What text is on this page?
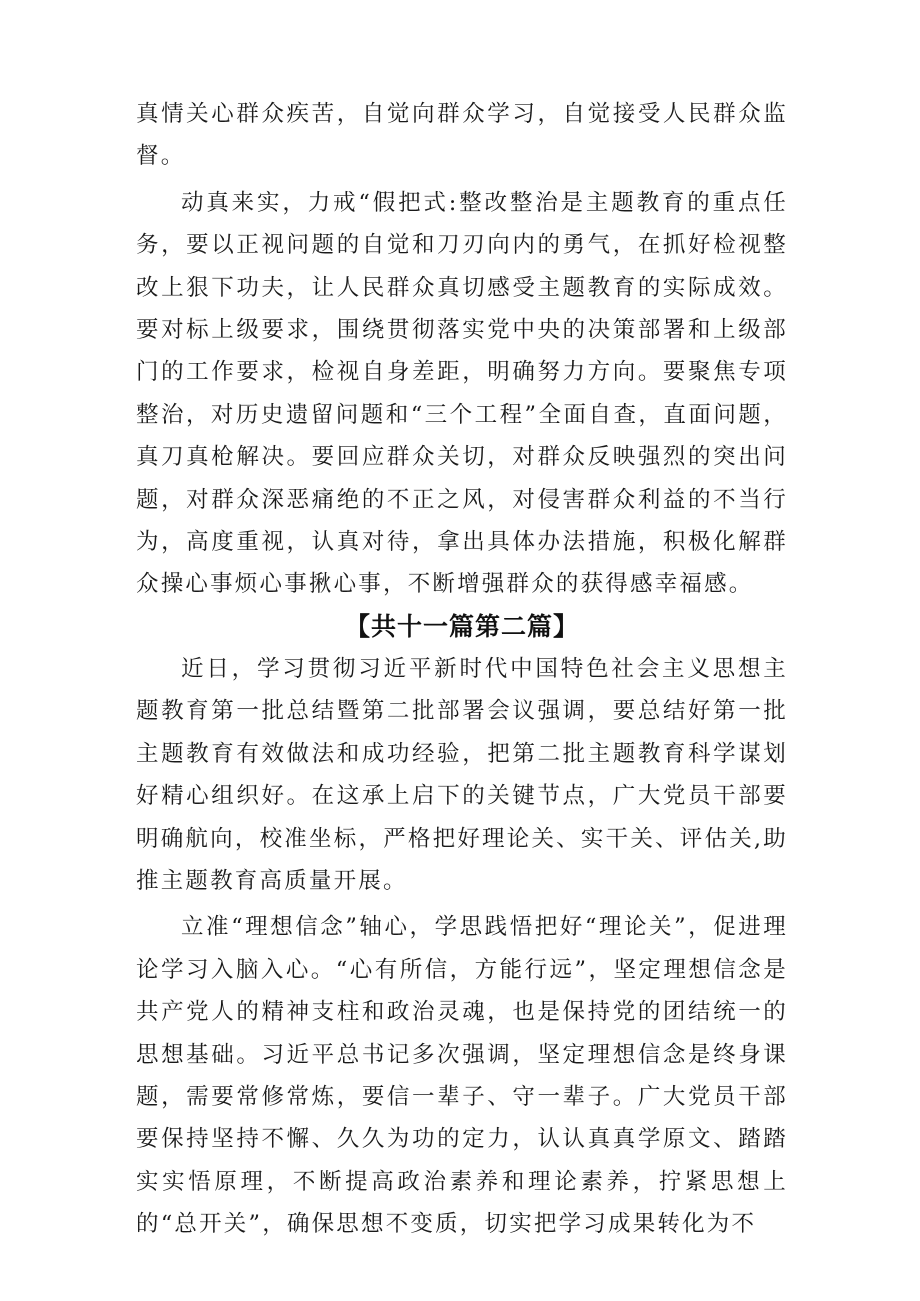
真情关心群众疾苦，自觉向群众学习，自觉接受人民群众监督。

动真来实，力戒“假把式:整改整治是主题教育的重点任务，要以正视问题的自觉和刀刃向内的勇气，在抓好检视整改上狠下功夫，让人民群众真切感受主题教育的实际成效。要对标上级要求，围绕贯彻落实党中央的决策部署和上级部门的工作要求，检视自身差距，明确努力方向。要聚焦专项整治，对历史遗留问题和“三个工程”全面自查，直面问题，真刀真枪解决。要回应群众关切，对群众反映强烈的突出问题，对群众深恶痛绝的不正之风，对侵害群众利益的不当行为，高度重视，认真对待，拿出具体办法措施，积极化解群众操心事烦心事揪心事，不断增强群众的获得感幸福感。

【共十一篇第二篇】

近日，学习贯彻习近平新时代中国特色社会主义思想主题教育第一批总结暨第二批部署会议强调，要总结好第一批主题教育有效做法和成功经验，把第二批主题教育科学谋划好精心组织好。在这承上启下的关键节点，广大党员干部要明确航向，校准坐标，严格把好理论关、实干关、评估关,助推主题教育高质量开展。

立准“理想信念”轴心，学思践悟把好“理论关”，促进理论学习入脑入心。“心有所信，方能行远”，坚定理想信念是共产党人的精神支柱和政治灵魂，也是保持党的团结统一的思想基础。习近平总书记多次强调，坚定理想信念是终身课题，需要常修常炼，要信一辈子、守一辈子。广大党员干部要保持坚持不懈、久久为功的定力，认认真真学原文、踏踏实实悟原理，不断提高政治素养和理论素养，拧紧思想上的“总开关”，确保思想不变质，切实把学习成果转化为不
